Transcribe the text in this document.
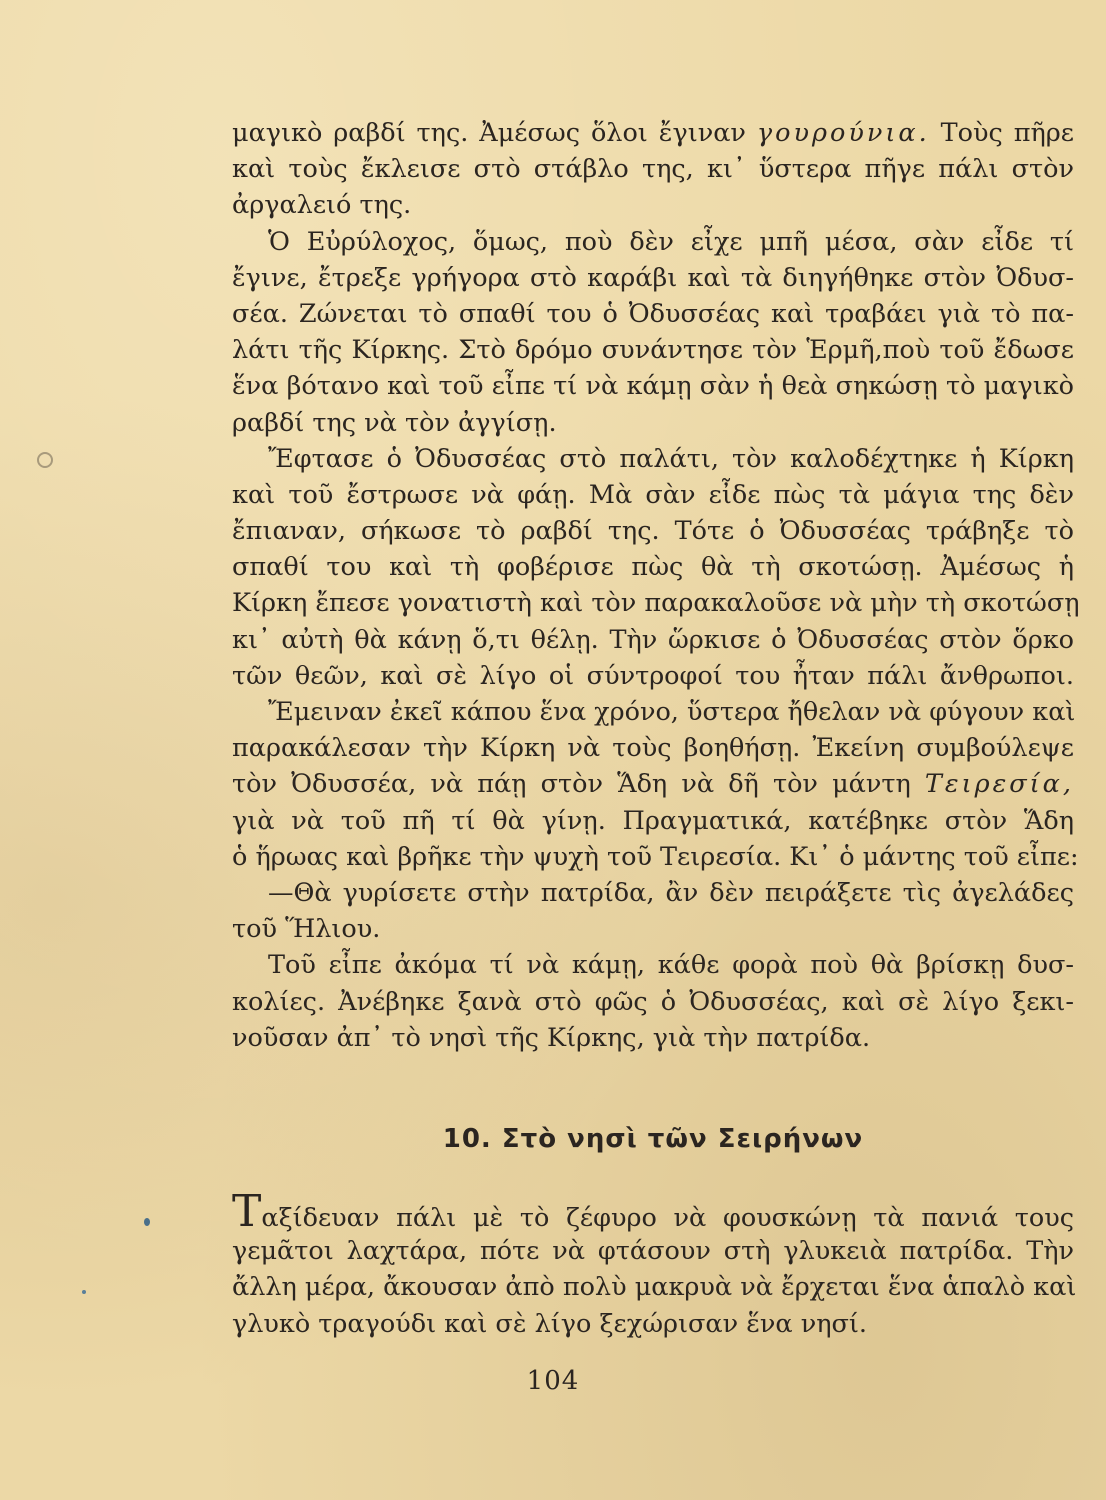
μαγικὸ ραβδί της. Ἀμέσως ὅλοι ἔγιναν γουρούνια. Τοὺς πῆρε
καὶ τοὺς ἔκλεισε στὸ στάβλο της, κι᾽ ὕστερα πῆγε πάλι στὸν
ἀργαλειό της.
Ὁ Εὐρύλοχος, ὅμως, ποὺ δὲν εἶχε μπῆ μέσα, σὰν εἶδε τί
ἔγινε, ἔτρεξε γρήγορα στὸ καράβι καὶ τὰ διηγήθηκε στὸν Ὀδυσ-
σέα. Ζώνεται τὸ σπαθί του ὁ Ὀδυσσέας καὶ τραβάει γιὰ τὸ πα-
λάτι τῆς Κίρκης. Στὸ δρόμο συνάντησε τὸν Ἑρμῆ,ποὺ τοῦ ἔδωσε
ἕνα βότανο καὶ τοῦ εἶπε τί νὰ κάμῃ σὰν ἡ θεὰ σηκώσῃ τὸ μαγικὸ
ραβδί της νὰ τὸν ἀγγίσῃ.
Ἔφτασε ὁ Ὀδυσσέας στὸ παλάτι, τὸν καλοδέχτηκε ἡ Κίρκη
καὶ τοῦ ἔστρωσε νὰ φάῃ. Μὰ σὰν εἶδε πὼς τὰ μάγια της δὲν
ἔπιαναν, σήκωσε τὸ ραβδί της. Τότε ὁ Ὀδυσσέας τράβηξε τὸ
σπαθί του καὶ τὴ φοβέρισε πὼς θὰ τὴ σκοτώσῃ. Ἀμέσως ἡ
Κίρκη ἔπεσε γονατιστὴ καὶ τὸν παρακαλοῦσε νὰ μὴν τὴ σκοτώσῃ
κι᾽ αὐτὴ θὰ κάνῃ ὅ,τι θέλῃ. Τὴν ὥρκισε ὁ Ὀδυσσέας στὸν ὅρκο
τῶν θεῶν, καὶ σὲ λίγο οἱ σύντροφοί του ἦταν πάλι ἄνθρωποι.
Ἔμειναν ἐκεῖ κάπου ἕνα χρόνο, ὕστερα ἤθελαν νὰ φύγουν καὶ
παρακάλεσαν τὴν Κίρκη νὰ τοὺς βοηθήσῃ. Ἐκείνη συμβούλεψε
τὸν Ὀδυσσέα, νὰ πάῃ στὸν Ἅδη νὰ δῆ τὸν μάντη Τειρεσία,
γιὰ νὰ τοῦ πῆ τί θὰ γίνῃ. Πραγματικά, κατέβηκε στὸν Ἅδη
ὁ ἥρωας καὶ βρῆκε τὴν ψυχὴ τοῦ Τειρεσία. Κι᾽ ὁ μάντης τοῦ εἶπε:
—Θὰ γυρίσετε στὴν πατρίδα, ἂν δὲν πειράξετε τὶς ἀγελάδες
τοῦ Ἥλιου.
Τοῦ εἶπε ἀκόμα τί νὰ κάμῃ, κάθε φορὰ ποὺ θὰ βρίσκῃ δυσ-
κολίες. Ἀνέβηκε ξανὰ στὸ φῶς ὁ Ὀδυσσέας, καὶ σὲ λίγο ξεκι-
νοῦσαν ἀπ᾽ τὸ νησὶ τῆς Κίρκης, γιὰ τὴν πατρίδα.
10. Στὸ νησὶ τῶν Σειρήνων
Ταξίδευαν πάλι μὲ τὸ ζέφυρο νὰ φουσκώνῃ τὰ πανιά τους
γεμᾶτοι λαχτάρα, πότε νὰ φτάσουν στὴ γλυκειὰ πατρίδα. Τὴν
ἄλλη μέρα, ἄκουσαν ἀπὸ πολὺ μακρυὰ νὰ ἔρχεται ἕνα ἁπαλὸ καὶ
γλυκὸ τραγούδι καὶ σὲ λίγο ξεχώρισαν ἕνα νησί.
104
